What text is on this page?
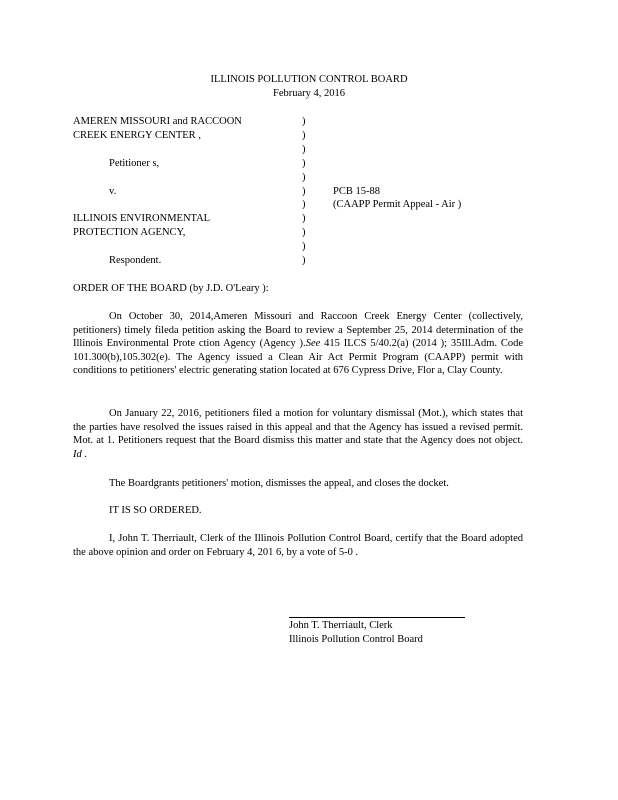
ILLINOIS POLLUTION CONTROL BOARD
February 4, 2016
AMEREN MISSOURI and RACCOON
CREEK ENERGY CENTER ,
Petitioner s,
v.
ILLINOIS ENVIRONMENTAL
PROTECTION AGENCY,
Respondent.
)
)
)
)
)
)
)
)
)
)
)
PCB 15-88
(CAAPP Permit Appeal - Air )
ORDER OF THE BOARD (by J.D. O'Leary ):
On October 30, 2014,Ameren Missouri and Raccoon Creek Energy Center (collectively, petitioners) timely fileda petition asking the Board to review a September 25, 2014 determination of the Illinois Environmental Prote ction Agency (Agency ).See 415 ILCS 5/40.2(a) (2014 ); 35Ill.Adm. Code 101.300(b),105.302(e). The Agency issued a Clean Air Act Permit Program (CAAPP) permit with conditions to petitioners' electric generating station located at 676 Cypress Drive, Flor a, Clay County.
On January 22, 2016, petitioners filed a motion for voluntary dismissal (Mot.), which states that the parties have resolved the issues raised in this appeal and that the Agency has issued a revised permit. Mot. at 1. Petitioners request that the Board dismiss this matter and state that the Agency does not object. Id .
The Boardgrants petitioners' motion, dismisses the appeal, and closes the docket.
IT IS SO ORDERED.
I, John T. Therriault, Clerk of the Illinois Pollution Control Board, certify that the Board adopted the above opinion and order on February 4, 201 6, by a vote of 5-0 .
John T. Therriault, Clerk
Illinois Pollution Control Board
